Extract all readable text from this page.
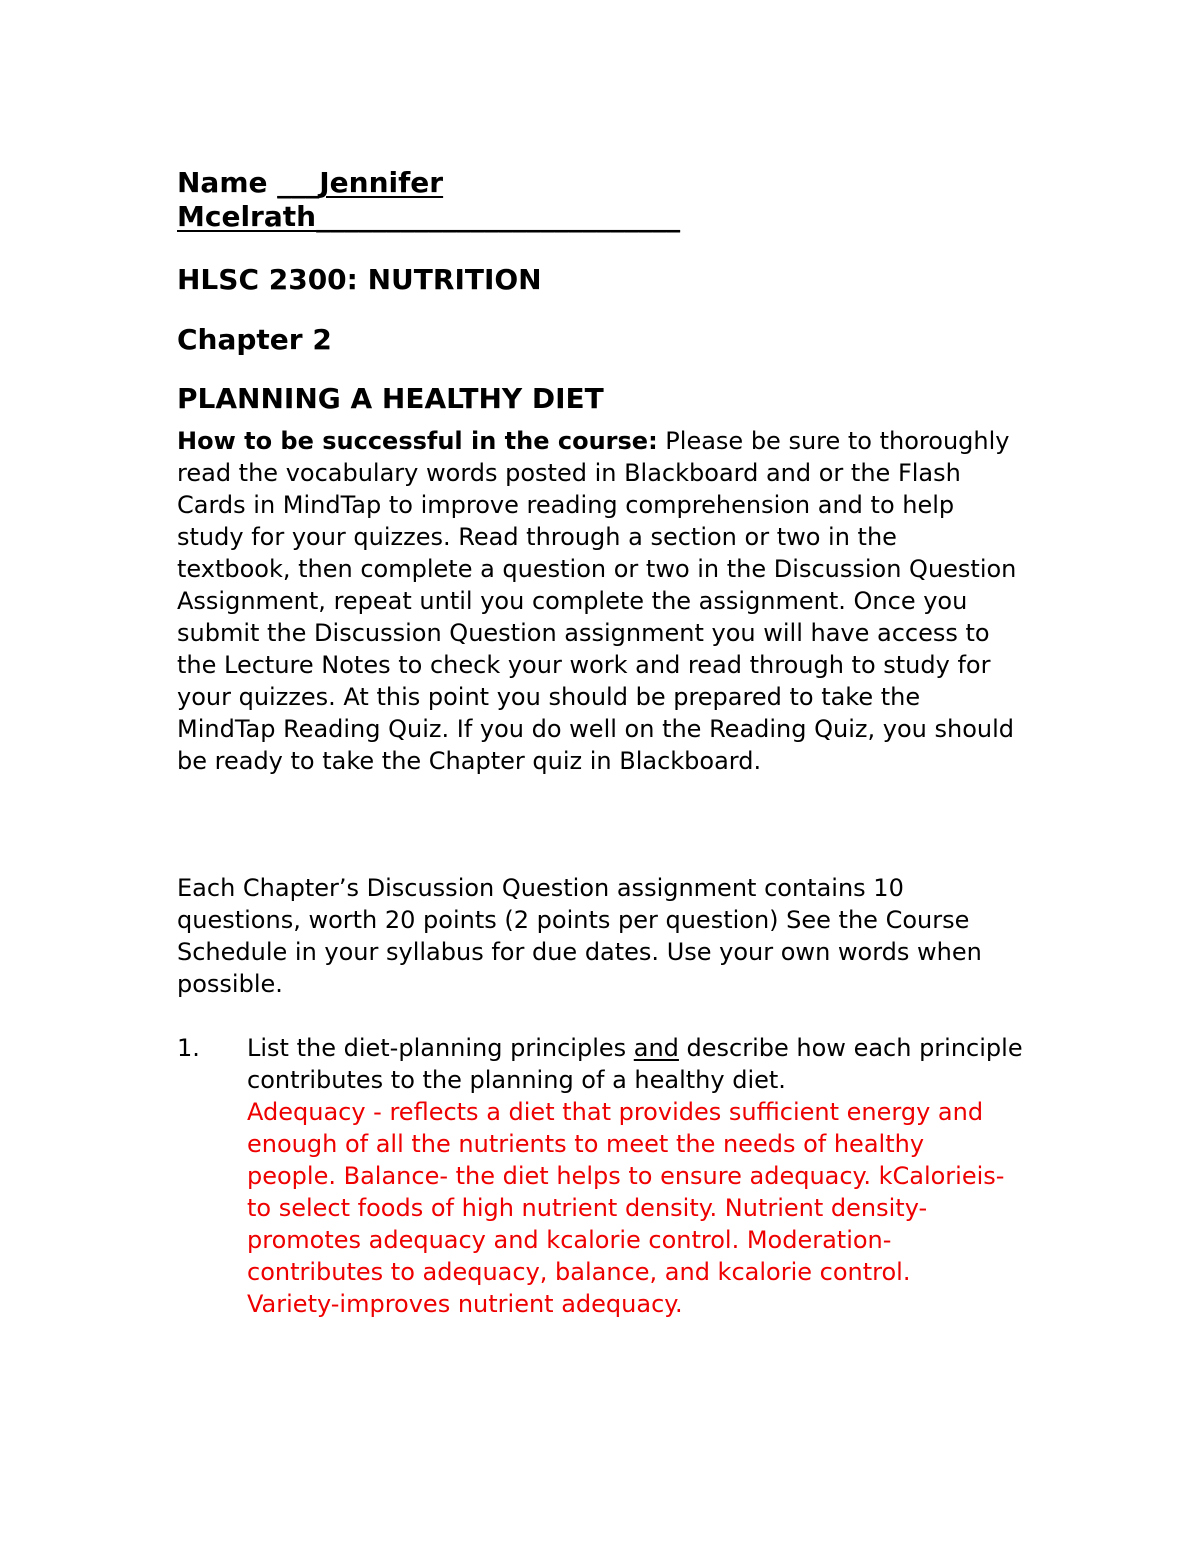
Name ___Jennifer
Mcelrath__________________________

HLSC 2300: NUTRITION

Chapter 2

PLANNING A HEALTHY DIET

How to be successful in the course: Please be sure to thoroughly read the vocabulary words posted in Blackboard and or the Flash Cards in MindTap to improve reading comprehension and to help study for your quizzes. Read through a section or two in the textbook, then complete a question or two in the Discussion Question Assignment, repeat until you complete the assignment. Once you submit the Discussion Question assignment you will have access to the Lecture Notes to check your work and read through to study for your quizzes. At this point you should be prepared to take the MindTap Reading Quiz. If you do well on the Reading Quiz, you should be ready to take the Chapter quiz in Blackboard.

Each Chapter’s Discussion Question assignment contains 10 questions, worth 20 points (2 points per question) See the Course Schedule in your syllabus for due dates. Use your own words when possible.

1. List the diet-planning principles and describe how each principle contributes to the planning of a healthy diet.

Adequacy - reflects a diet that provides sufficient energy and enough of all the nutrients to meet the needs of healthy people. Balance- the diet helps to ensure adequacy. kCalorieis- to select foods of high nutrient density. Nutrient density-promotes adequacy and kcalorie control. Moderation-contributes to adequacy, balance, and kcalorie control. Variety-improves nutrient adequacy.
